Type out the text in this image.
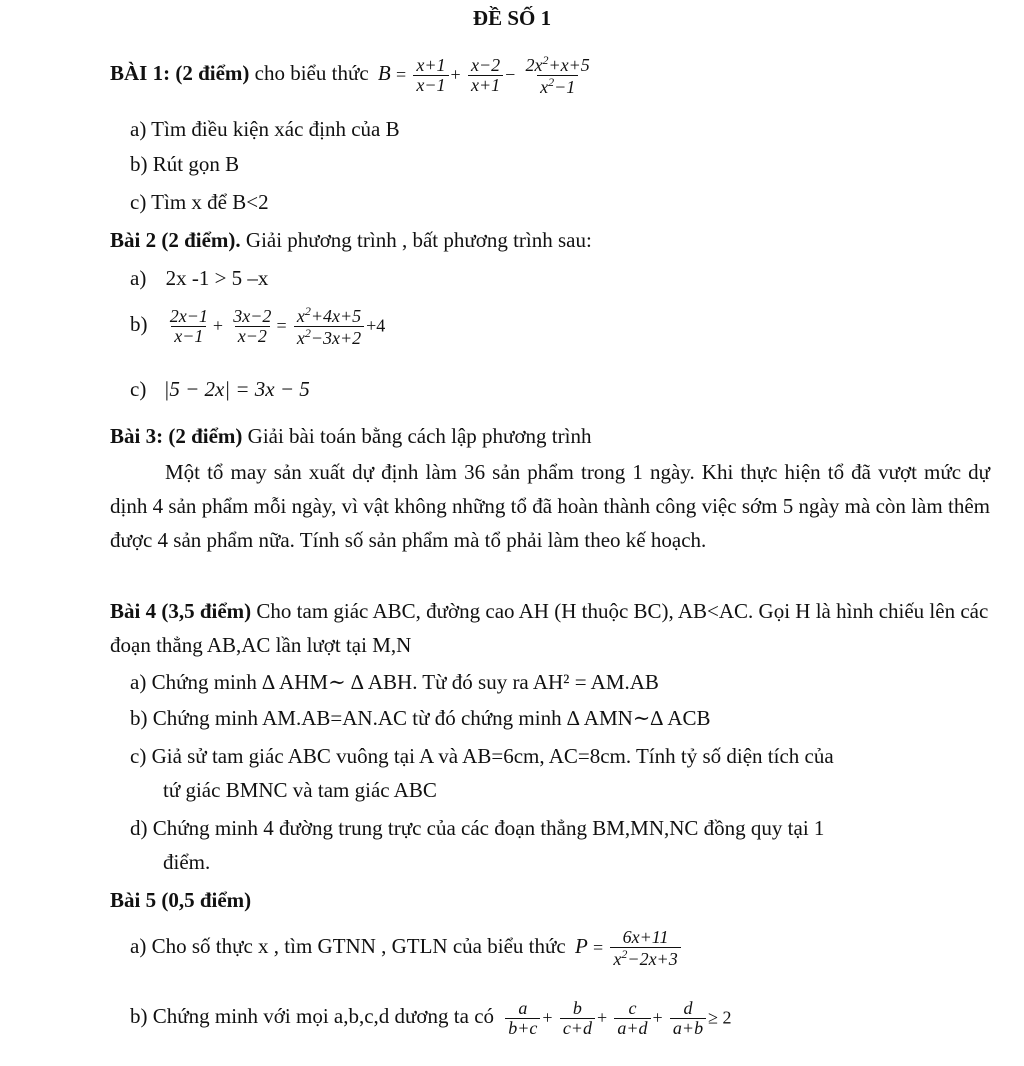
ĐỀ SỐ 1
BÀI 1: (2 điểm) cho biểu thức $B = \frac{x+1}{x-1} + \frac{x-2}{x+1} - \frac{2x^2+x+5}{x^2-1}$
a) Tìm điều kiện xác định của B
b) Rút gọn B
c) Tìm x để B<2
Bài 2 (2 điểm). Giải phương trình , bất phương trình sau:
a) 2x -1 > 5 –x
$b) \frac{2x-1}{x-1} + \frac{3x-2}{x-2} = \frac{x^2+4x+5}{x^2-3x+2} +4$
c) |5 − 2x| = 3x − 5
Bài 3: (2 điểm) Giải bài toán bằng cách lập phương trình
Một tổ may sản xuất dự định làm 36 sản phẩm trong 1 ngày. Khi thực hiện tổ đã vượt mức dự dịnh 4 sản phẩm mỗi ngày, vì vật không những tổ đã hoàn thành công việc sớm 5 ngày mà còn làm thêm được 4 sản phẩm nữa. Tính số sản phẩm mà tổ phải làm theo kế hoạch.
Bài 4 (3,5 điểm) Cho tam giác ABC, đường cao AH (H thuộc BC), AB<AC. Gọi H là hình chiếu lên các đoạn thẳng AB,AC lần lượt tại M,N
a) Chứng minh ∆ AHM∼ ∆ ABH. Từ đó suy ra AH² = AM.AB
b) Chứng minh AM.AB=AN.AC từ đó chứng minh ∆ AMN∼∆ ACB
c) Giả sử tam giác ABC vuông tại A và AB=6cm, AC=8cm. Tính tỷ số diện tích của
tứ giác BMNC và tam giác ABC
d) Chứng minh 4 đường trung trực của các đoạn thẳng BM,MN,NC đồng quy tại 1
điểm.
Bài 5 (0,5 điểm)
a) Cho số thực x , tìm GTNN , GTLN của biểu thức $P = \frac{6x+11}{x^2-2x+3}$
b) Chứng minh với mọi a,b,c,d dương ta có $\frac{a}{b+c} + \frac{b}{c+d} + \frac{c}{a+d} + \frac{d}{a+b} \ge 2$
